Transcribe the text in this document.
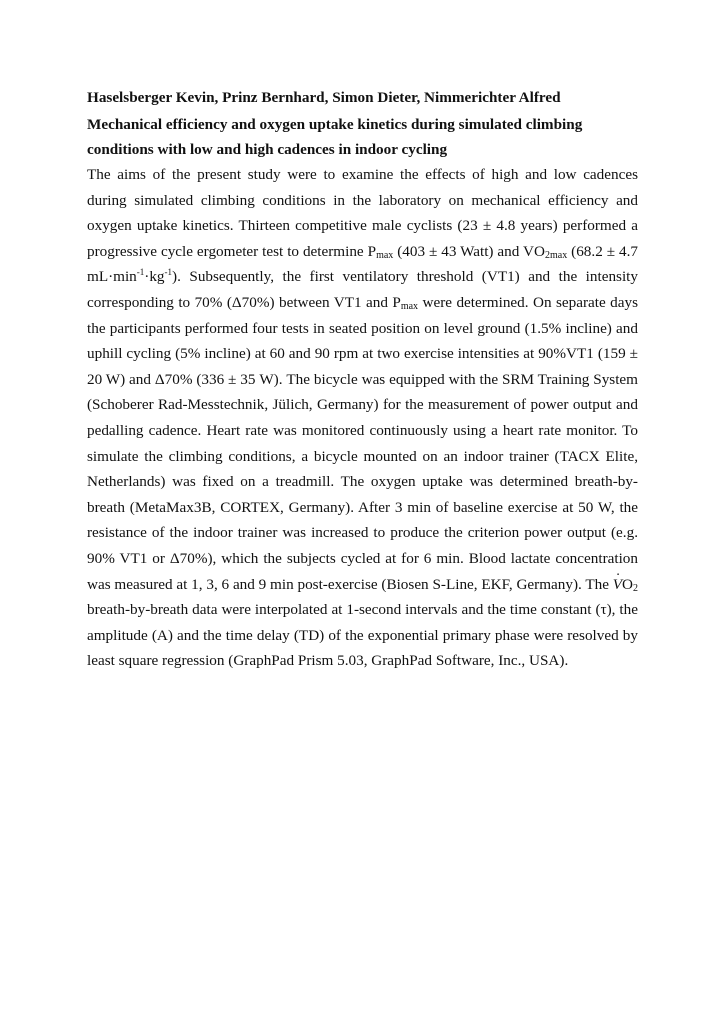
Haselsberger Kevin, Prinz Bernhard, Simon Dieter, Nimmerichter Alfred

Mechanical efficiency and oxygen uptake kinetics during simulated climbing conditions with low and high cadences in indoor cycling

The aims of the present study were to examine the effects of high and low cadences during simulated climbing conditions in the laboratory on mechanical efficiency and oxygen uptake kinetics. Thirteen competitive male cyclists (23 ± 4.8 years) performed a progressive cycle ergometer test to determine $P_{max}$ (403 ± 43 Watt) and $VO_{2max}$ (68.2 ± 4.7 $mL\cdot\min^{-1}\cdot kg^{-1}$). Subsequently, the first ventilatory threshold (VT1) and the intensity corresponding to 70% (Δ70%) between VT1 and $P_{max}$ were determined. On separate days the participants performed four tests in seated position on level ground (1.5% incline) and uphill cycling (5% incline) at 60 and 90 rpm at two exercise intensities at 90%VT1 (159 ± 20 W) and Δ70% (336 ± 35 W). The bicycle was equipped with the SRM Training System (Schoberer Rad-Messtechnik, Jülich, Germany) for the measurement of power output and pedalling cadence. Heart rate was monitored continuously using a heart rate monitor. To simulate the climbing conditions, a bicycle mounted on an indoor trainer (TACX Elite, Netherlands) was fixed on a treadmill. The oxygen uptake was determined breath-by-breath (MetaMax3B, CORTEX, Germany). After 3 min of baseline exercise at 50 W, the resistance of the indoor trainer was increased to produce the criterion power output (e.g. 90% VT1 or Δ70%), which the subjects cycled at for 6 min. Blood lactate concentration was measured at 1, 3, 6 and 9 min post-exercise (Biosen S-Line, EKF, Germany). The $V \cdot O_2$ breath-by-breath data were interpolated at 1-second intervals and the time constant (τ), the amplitude (A) and the time delay (TD) of the exponential primary phase were resolved by least square regression (GraphPad Prism 5.03, GraphPad Software, Inc., USA).
